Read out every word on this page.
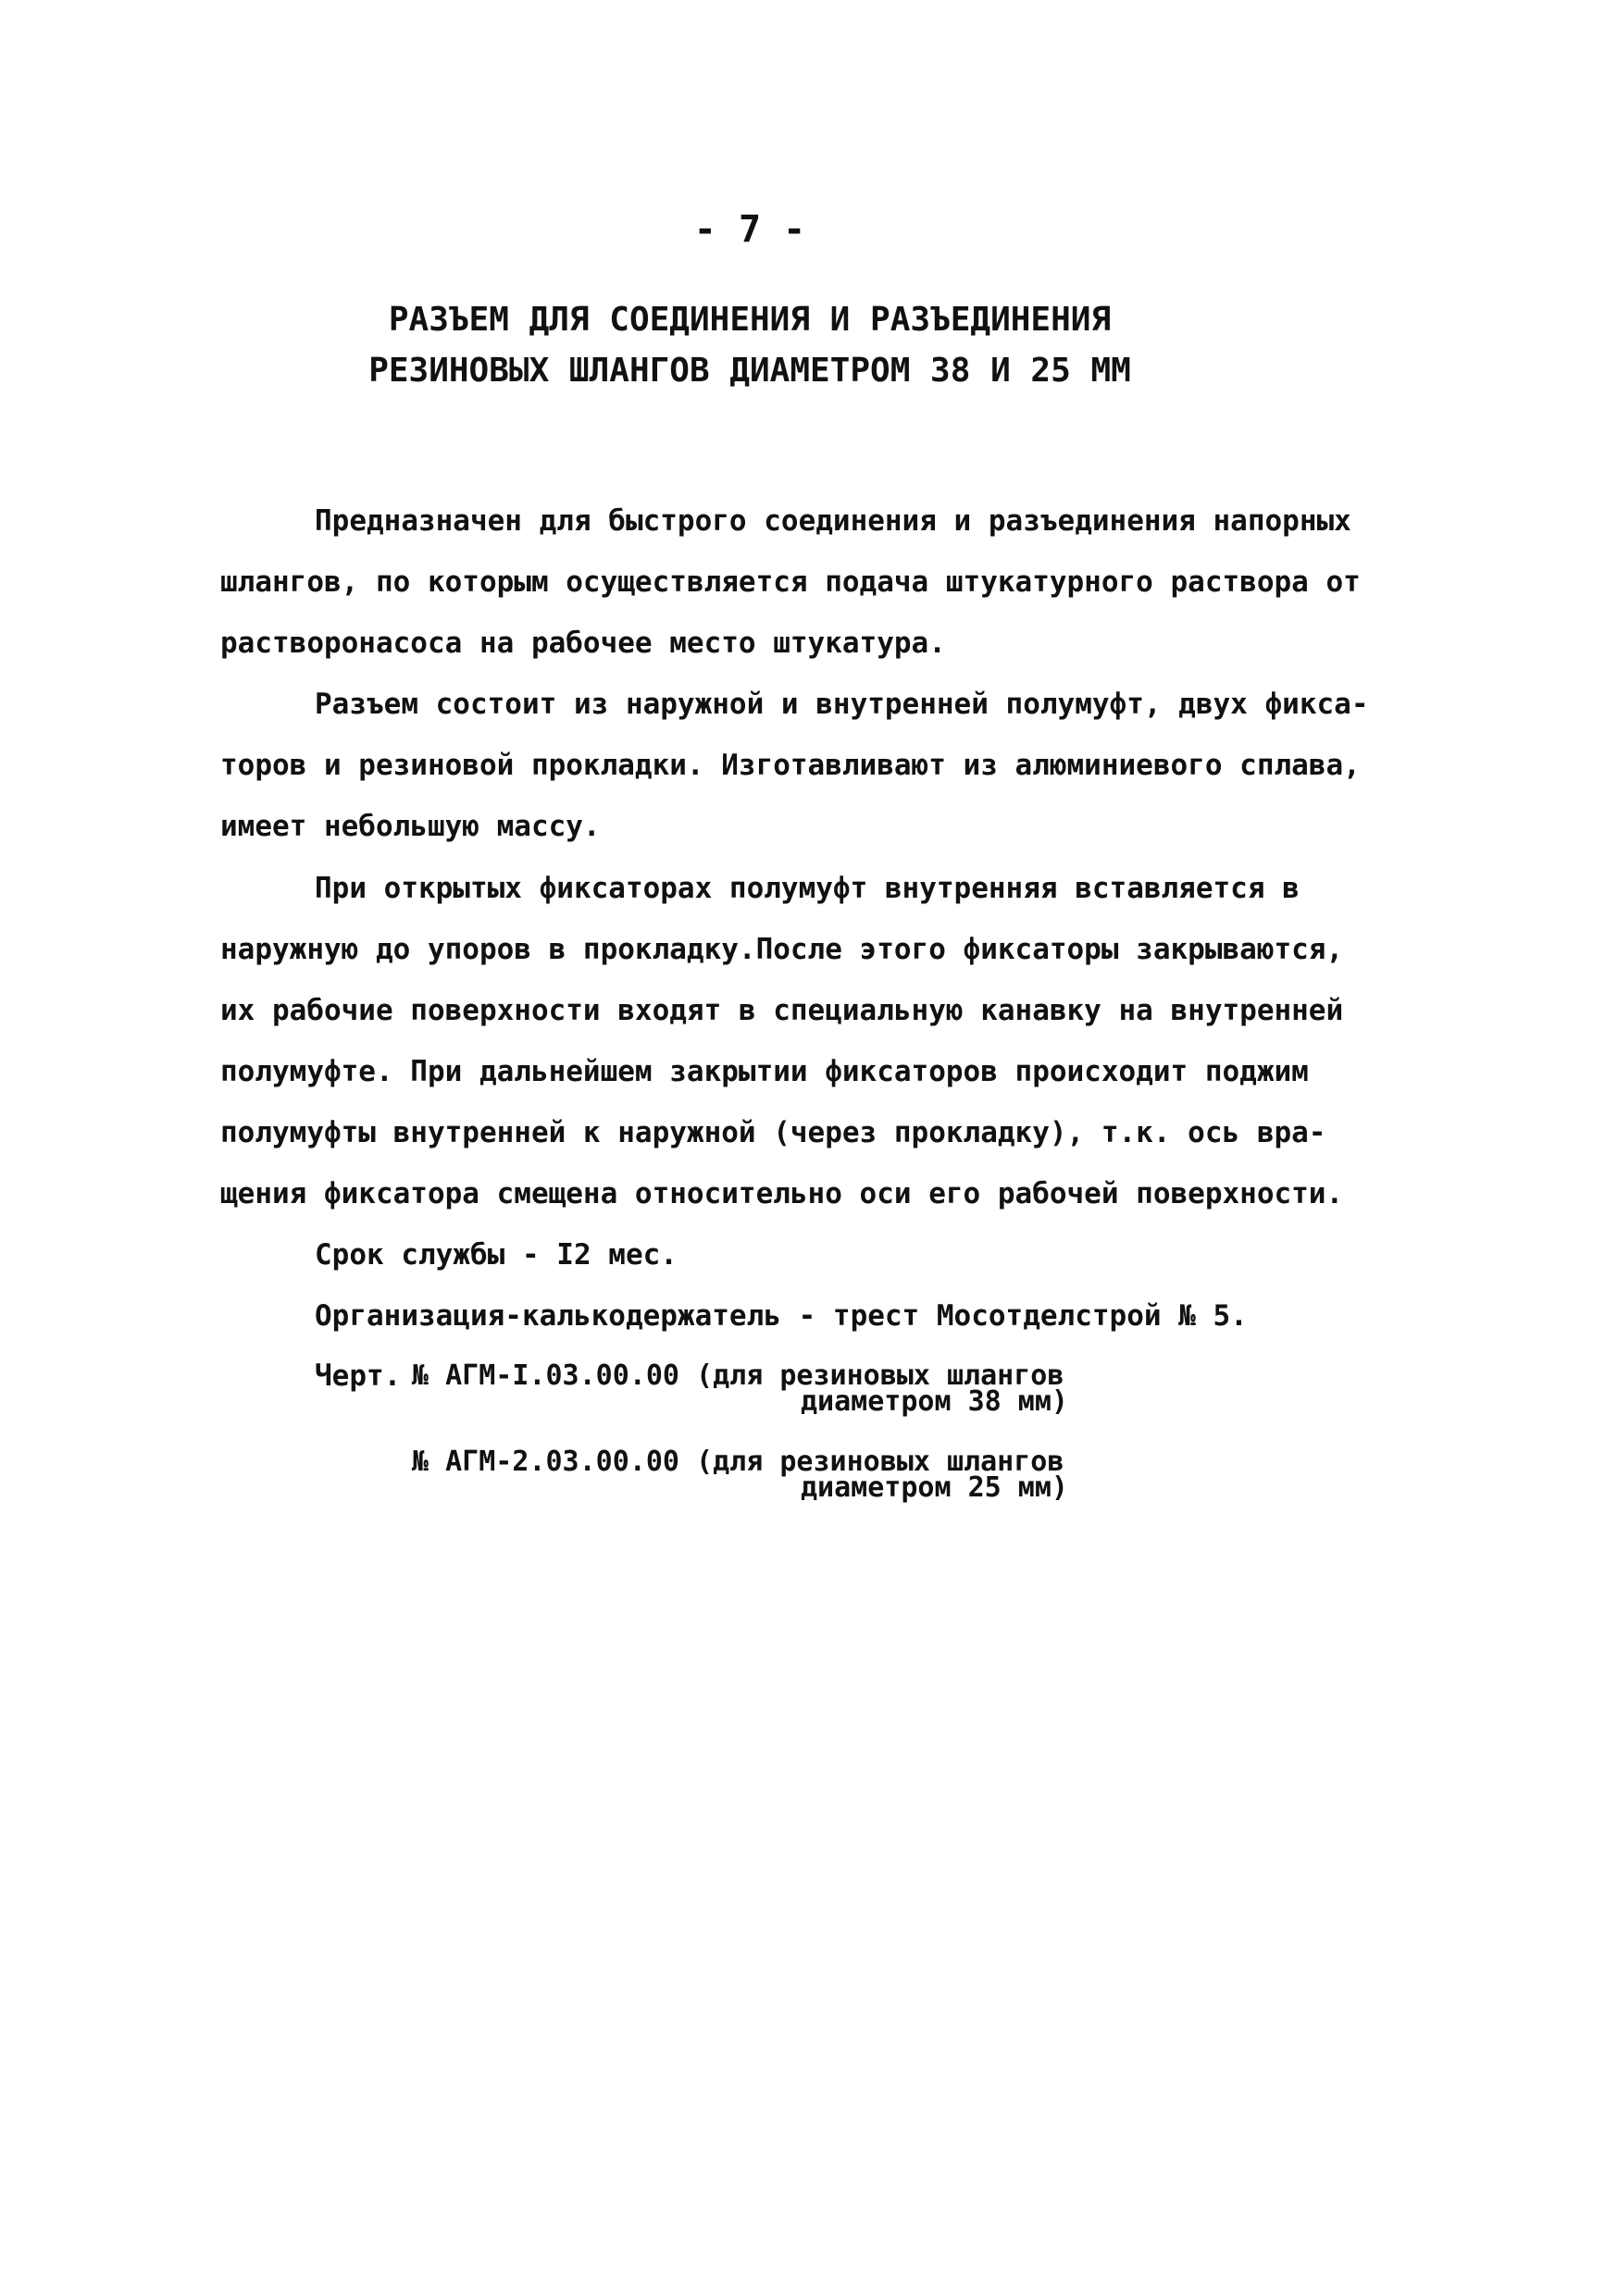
- 7 -
РАЗЪЕМ ДЛЯ СОЕДИНЕНИЯ И РАЗЪЕДИНЕНИЯ
РЕЗИНОВЫХ ШЛАНГОВ ДИАМЕТРОМ 38 И 25 ММ
Предназначен для быстрого соединения и разъединения напорных
шлангов, по которым осуществляется подача штукатурного раствора от
растворонасоса на рабочее место штукатура.
Разъем состоит из наружной и внутренней полумуфт, двух фикса-
торов и резиновой прокладки. Изготавливают из алюминиевого сплава,
имеет небольшую массу.
При открытых фиксаторах полумуфт внутренняя вставляется в
наружную до упоров в прокладку.После этого фиксаторы закрываются,
их рабочие поверхности входят в специальную канавку на внутренней
полумуфте. При дальнейшем закрытии фиксаторов происходит поджим
полумуфты внутренней к наружной (через прокладку), т.к. ось вра-
щения фиксатора смещена относительно оси его рабочей поверхности.
Срок службы - I2 мес.
Организация-калькодержатель - трест Мосотделстрой № 5.
Черт. № АГМ-I.03.00.00 (для резиновых шлангов
диаметром 38 мм)
№ АГМ-2.03.00.00 (для резиновых шлангов
диаметром 25 мм)
